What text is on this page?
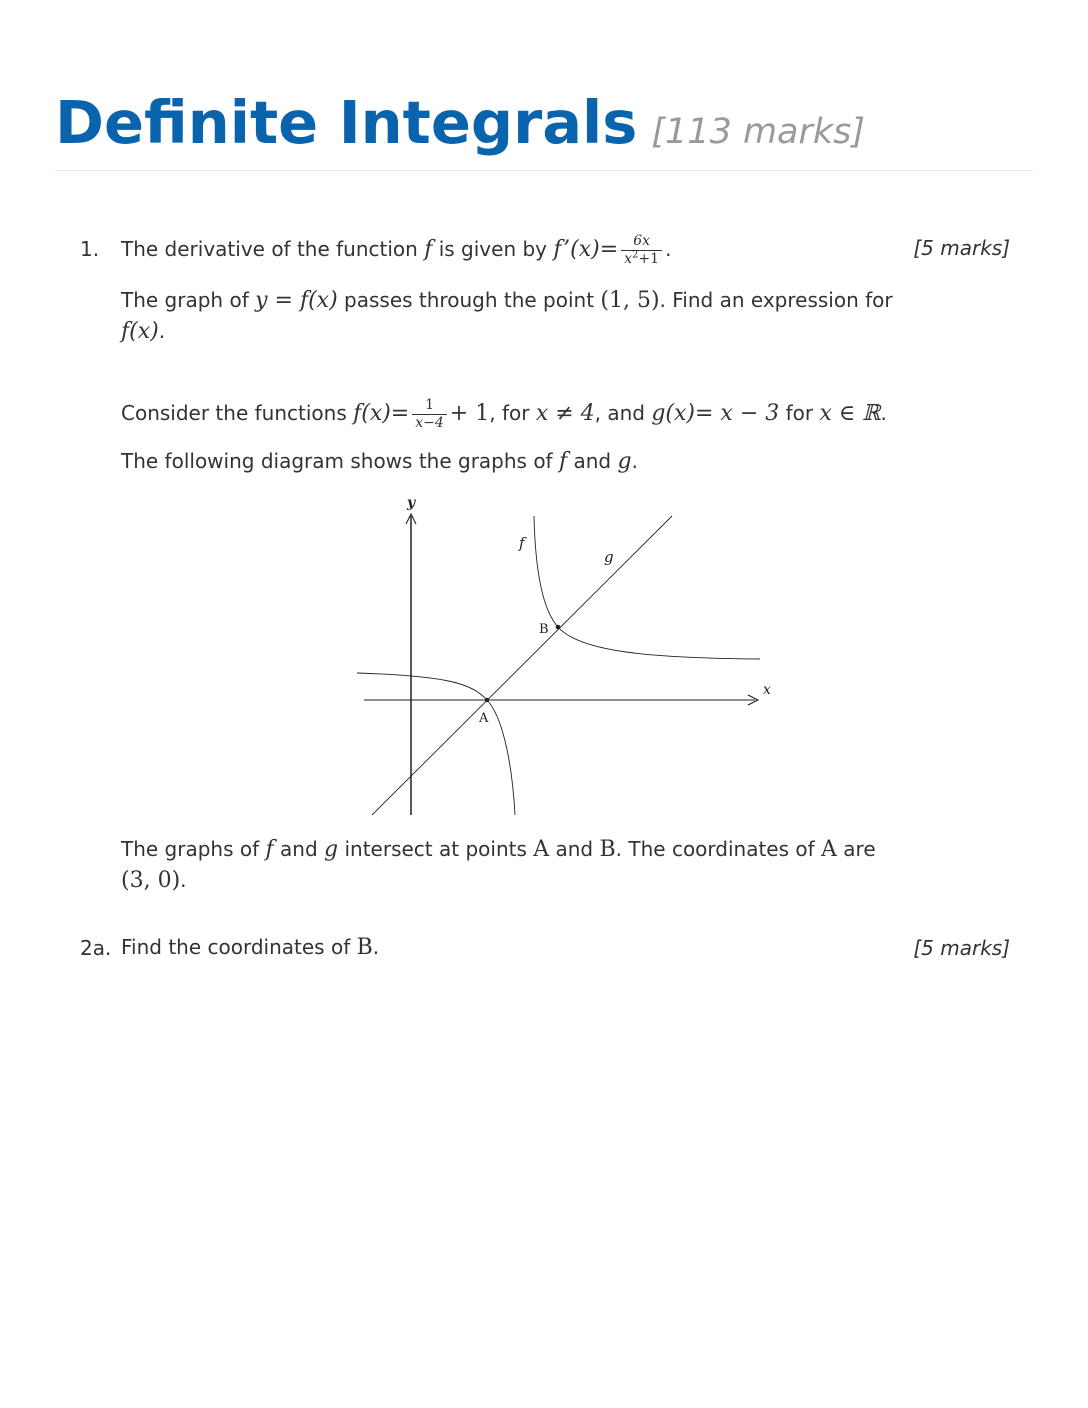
Definite Integrals [113 marks]
1.	[5 marks]
The derivative of the function f is given by f’(x)= $\frac{6x}{x^2+1}$ .
The graph of y = f(x) passes through the point (1, 5). Find an expression for
f(x).
Consider the functions $f(x)= \frac{1}{x-4} + 1$, for x ≠ 4, and g(x)= x − 3 for x ∈ ℝ.
The following diagram shows the graphs of f and g.
x
y
f
g
A
B
The graphs of f and g intersect at points A and B. The coordinates of A are
(3, 0).
2a.	[5 marks]
Find the coordinates of B.
